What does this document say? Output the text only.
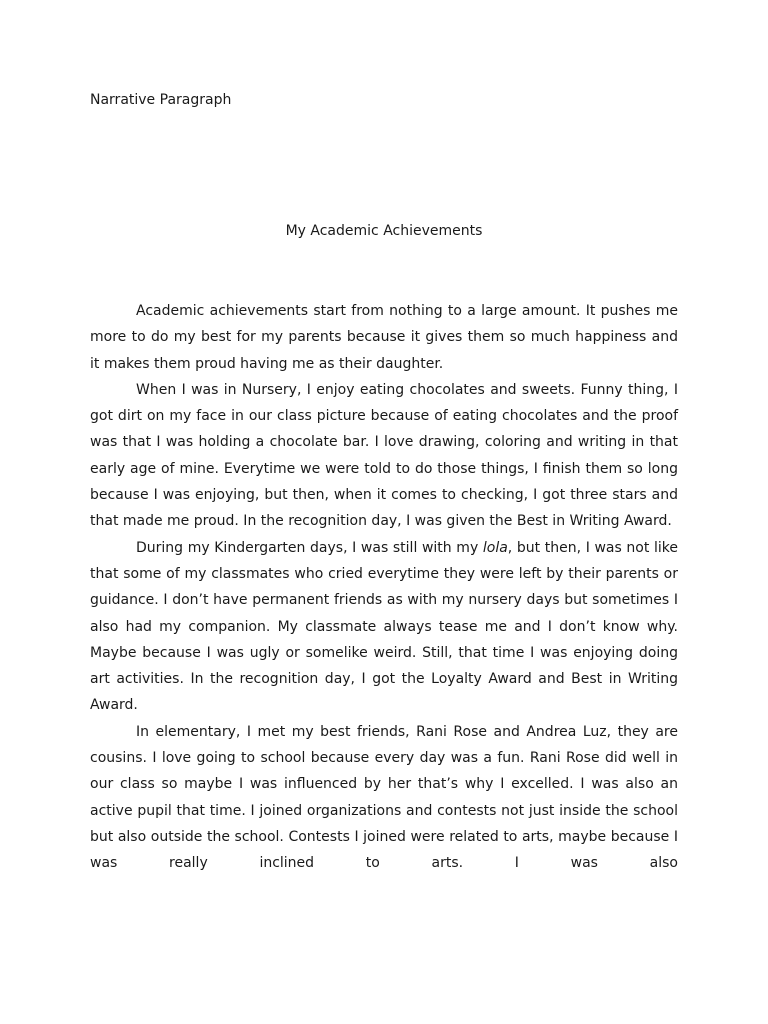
Narrative Paragraph
My Academic Achievements

Academic achievements start from nothing to a large amount. It pushes me more to do my best for my parents because it gives them so much happiness and it makes them proud having me as their daughter.

When I was in Nursery, I enjoy eating chocolates and sweets. Funny thing, I got dirt on my face in our class picture because of eating chocolates and the proof was that I was holding a chocolate bar. I love drawing, coloring and writing in that early age of mine. Everytime we were told to do those things, I finish them so long because I was enjoying, but then, when it comes to checking, I got three stars and that made me proud. In the recognition day, I was given the Best in Writing Award.

During my Kindergarten days, I was still with my lola, but then, I was not like that some of my classmates who cried everytime they were left by their parents or guidance. I don’t have permanent friends as with my nursery days but sometimes I also had my companion. My classmate always tease me and I don’t know why. Maybe because I was ugly or somelike weird. Still, that time I was enjoying doing art activities. In the recognition day, I got the Loyalty Award and Best in Writing Award.

In elementary, I met my best friends, Rani Rose and Andrea Luz, they are cousins. I love going to school because every day was a fun. Rani Rose did well in our class so maybe I was influenced by her that’s why I excelled. I was also an active pupil that time. I joined organizations and contests not just inside the school but also outside the school. Contests I joined were related to arts, maybe because I was really inclined to arts. I was also
